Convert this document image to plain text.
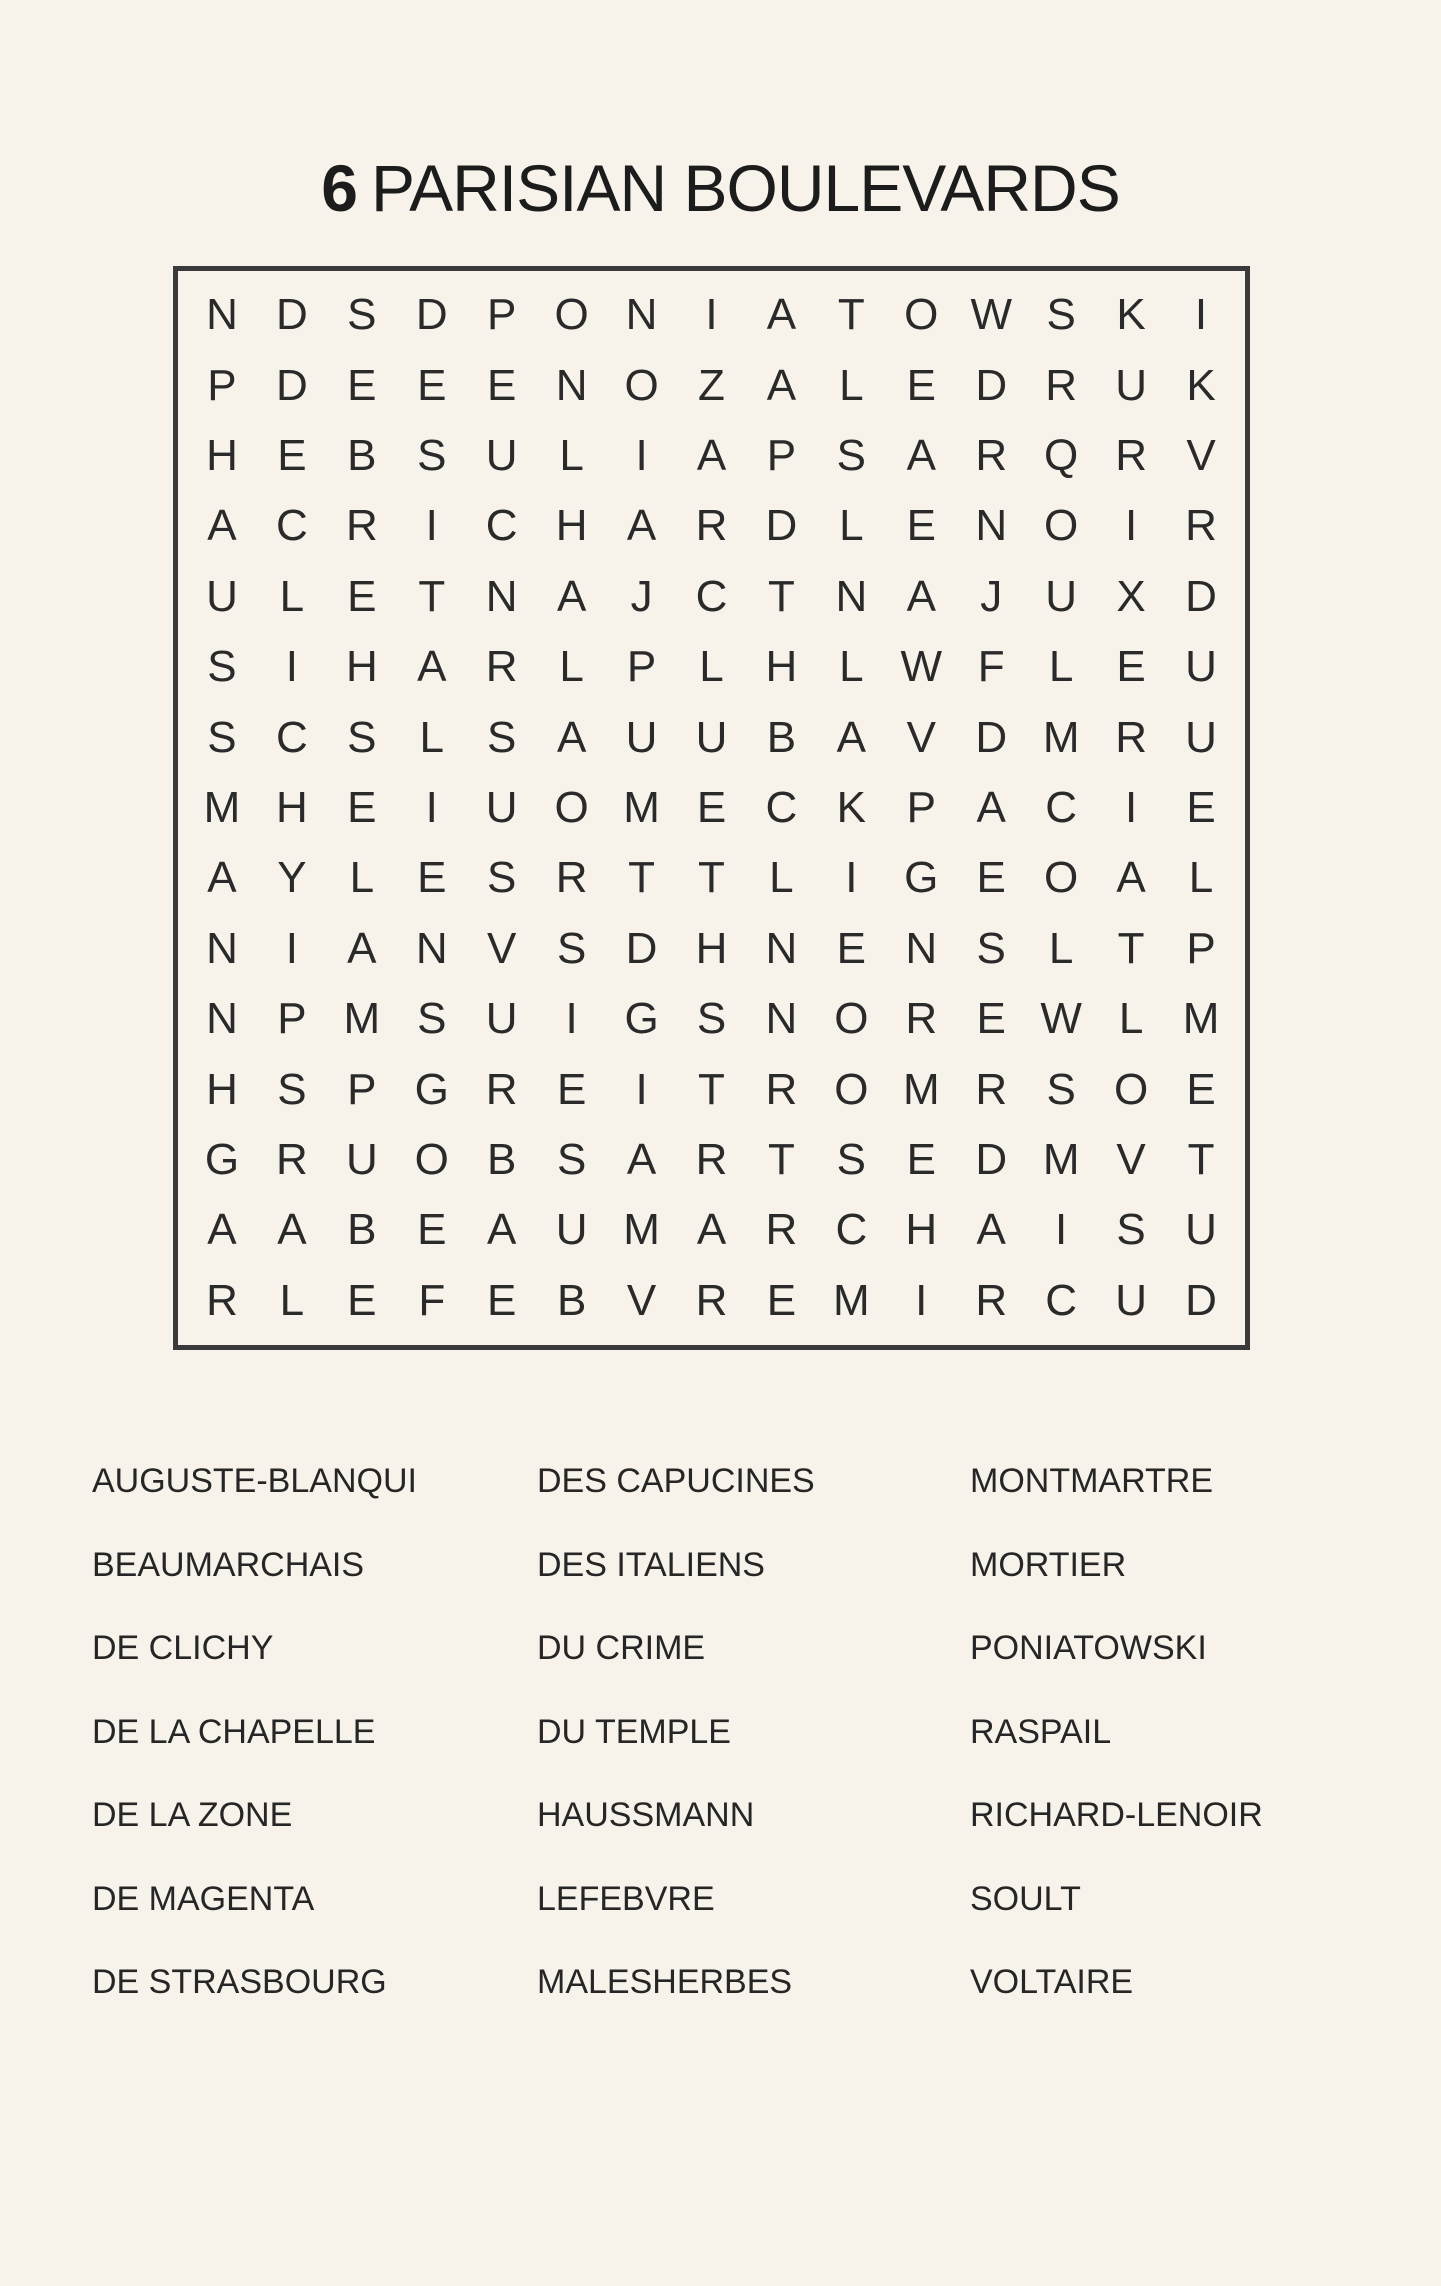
6 PARISIAN BOULEVARDS
N D S D P O N	I	A T O W S K	I
P D E E E N O Z A L E D R U K
H E B S U L	I	A P S A R Q R V
A C R	I	C H A R D L E N O	I	R
U L E T N A	J C T N A	J U X D
S	I	H A R L P L H L W F	L E U
S C S L S A U U B A V D M R U
M H E	I	U O M E C K P A C	I	E
A Y L E S R T T	L	I	G E O A L
N	I	A N V S D H N E N S L	T P
N P M S U	I	G S N O R E W L M
H S P G R E	I	T R O M R S O E
G R U O B S A R T S E D M V T
A A B E A U M A R C H A	I	S U
R L E F E B V R E M	I	R C U D
AUGUSTE-BLANQUI
BEAUMARCHAIS
DE CLICHY
DE LA CHAPELLE
DE LA ZONE
DE MAGENTA
DE STRASBOURG
DES CAPUCINES
DES ITALIENS
DU CRIME
DU TEMPLE
HAUSSMANN
LEFEBVRE
MALESHERBES
MONTMARTRE
MORTIER
PONIATOWSKI
RASPAIL
RICHARD-LENOIR
SOULT
VOLTAIRE
